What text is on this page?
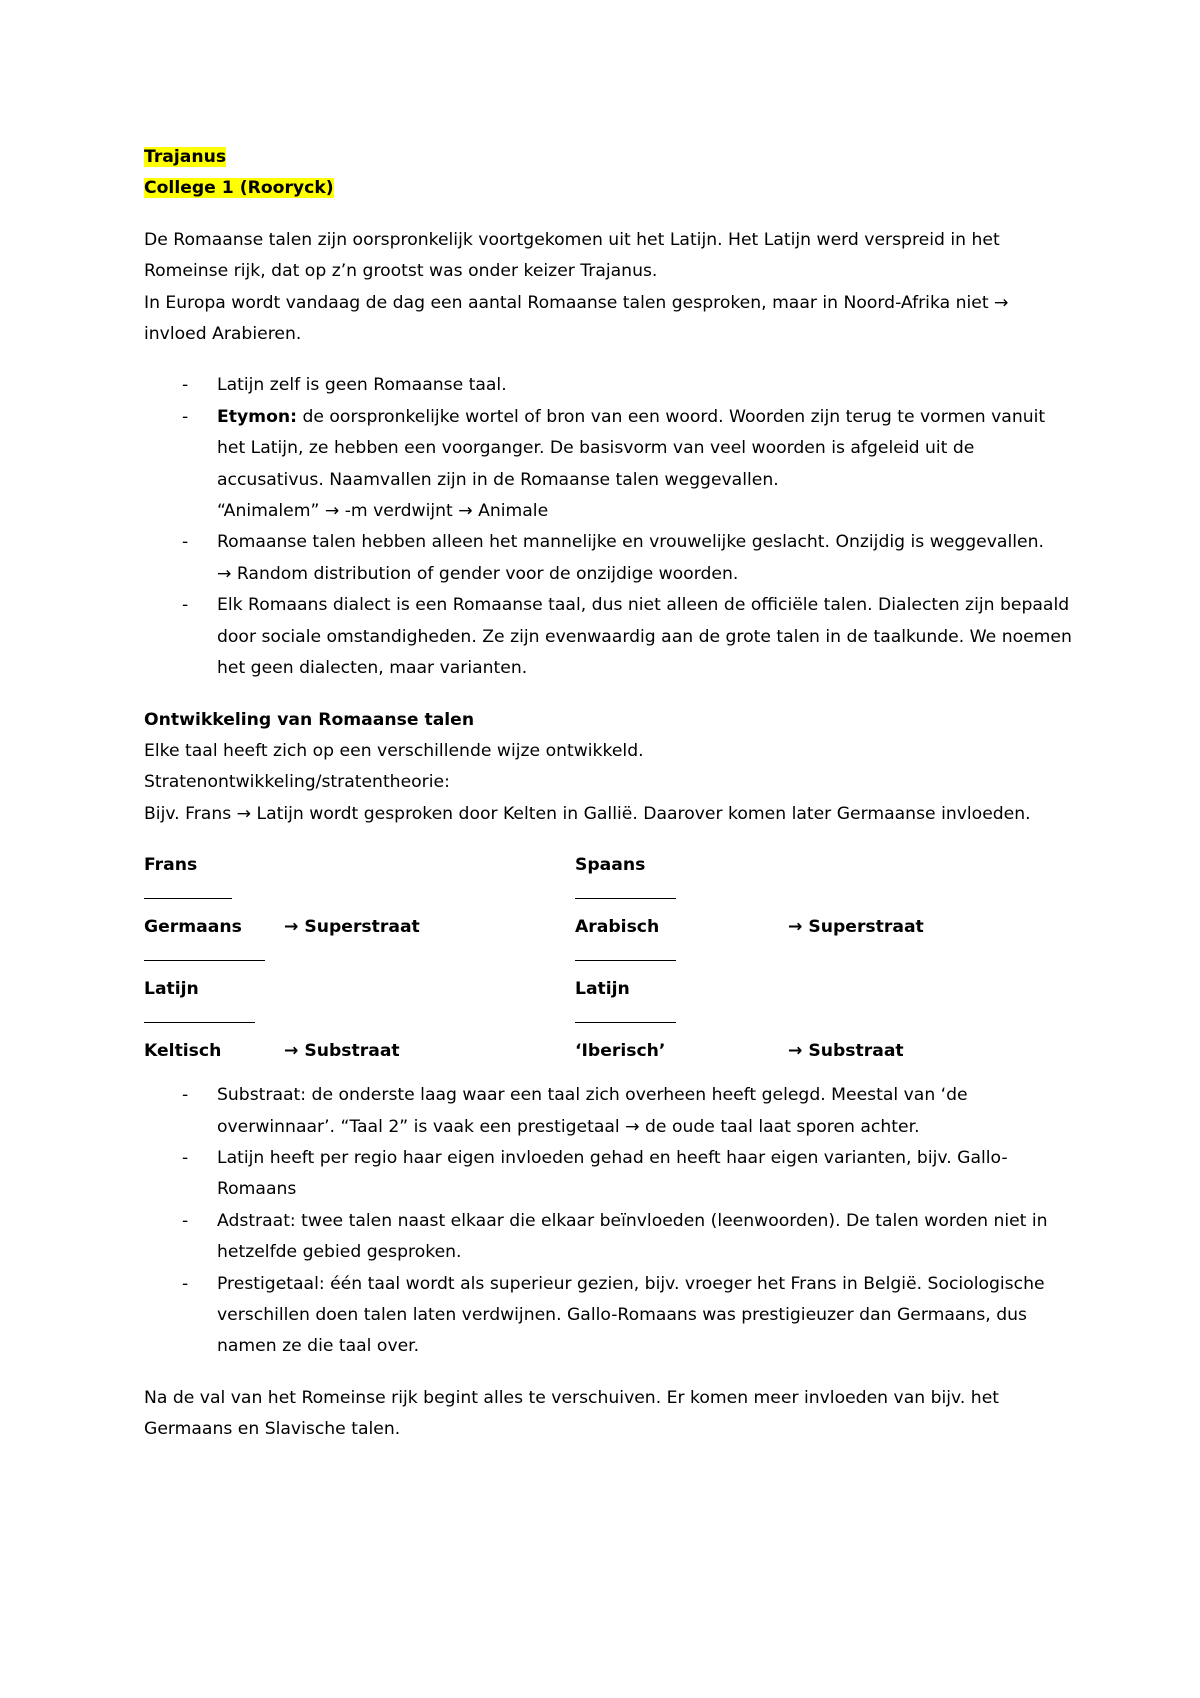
Trajanus

College 1 (Rooryck)

De Romaanse talen zijn oorspronkelijk voortgekomen uit het Latijn. Het Latijn werd verspreid in het Romeinse rijk, dat op z’n grootst was onder keizer Trajanus.

In Europa wordt vandaag de dag een aantal Romaanse talen gesproken, maar in Noord-Afrika niet → invloed Arabieren.

- Latijn zelf is geen Romaanse taal.
- Etymon: de oorspronkelijke wortel of bron van een woord. Woorden zijn terug te vormen vanuit het Latijn, ze hebben een voorganger. De basisvorm van veel woorden is afgeleid uit de accusativus. Naamvallen zijn in de Romaanse talen weggevallen.
“Animalem” → -m verdwijnt → Animale
- Romaanse talen hebben alleen het mannelijke en vrouwelijke geslacht. Onzijdig is weggevallen.
→ Random distribution of gender voor de onzijdige woorden.
- Elk Romaans dialect is een Romaanse taal, dus niet alleen de officiële talen. Dialecten zijn bepaald door sociale omstandigheden. Ze zijn evenwaardig aan de grote talen in de taalkunde. We noemen het geen dialecten, maar varianten.

Ontwikkeling van Romaanse talen

Elke taal heeft zich op een verschillende wijze ontwikkeld.

Stratenontwikkeling/stratentheorie:

Bijv. Frans → Latijn wordt gesproken door Kelten in Gallië. Daarover komen later Germaanse invloeden.

Frans
Germaans → Superstraat
Latijn
Keltisch	→ Substraat
Spaans
Arabisch	→ Superstraat
Latijn
‘Iberisch’	→ Substraat
- Substraat: de onderste laag waar een taal zich overheen heeft gelegd. Meestal van ‘de overwinnaar’. “Taal 2” is vaak een prestigetaal → de oude taal laat sporen achter.
- Latijn heeft per regio haar eigen invloeden gehad en heeft haar eigen varianten, bijv. Gallo-Romaans
- Adstraat: twee talen naast elkaar die elkaar beïnvloeden (leenwoorden). De talen worden niet in hetzelfde gebied gesproken.
- Prestigetaal: één taal wordt als superieur gezien, bijv. vroeger het Frans in België. Sociologische verschillen doen talen laten verdwijnen. Gallo-Romaans was prestigieuzer dan Germaans, dus namen ze die taal over.

Na de val van het Romeinse rijk begint alles te verschuiven. Er komen meer invloeden van bijv. het Germaans en Slavische talen.
